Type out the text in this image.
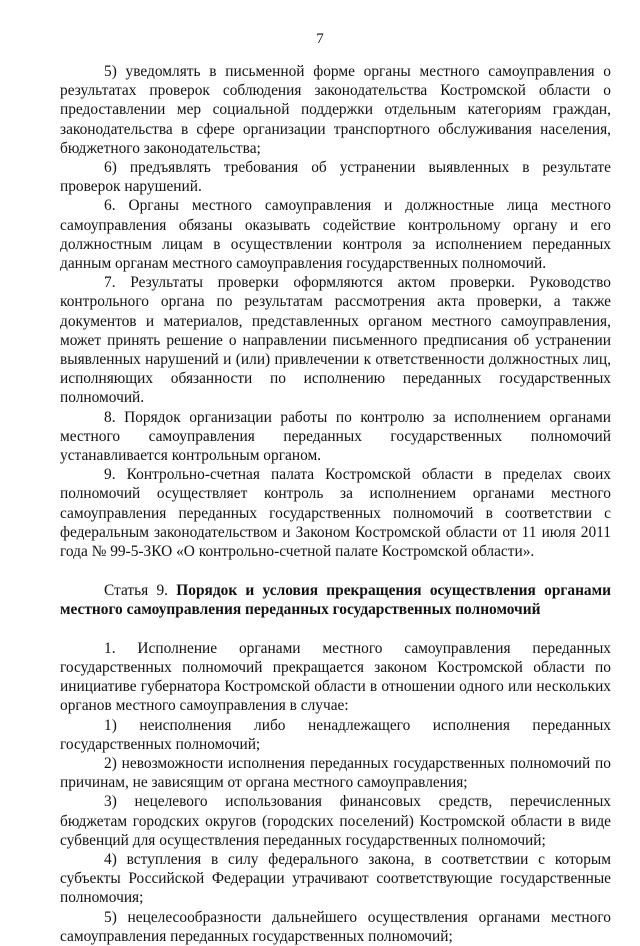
7

5) уведомлять в письменной форме органы местного самоуправления о результатах проверок соблюдения законодательства Костромской области о предоставлении мер социальной поддержки отдельным категориям граждан, законодательства в сфере организации транспортного обслуживания населения, бюджетного законодательства;

6) предъявлять требования об устранении выявленных в результате проверок нарушений.

6. Органы местного самоуправления и должностные лица местного самоуправления обязаны оказывать содействие контрольному органу и его должностным лицам в осуществлении контроля за исполнением переданных данным органам местного самоуправления государственных полномочий.

7. Результаты проверки оформляются актом проверки. Руководство контрольного органа по результатам рассмотрения акта проверки, а также документов и материалов, представленных органом местного самоуправления, может принять решение о направлении письменного предписания об устранении выявленных нарушений и (или) привлечении к ответственности должностных лиц, исполняющих обязанности по исполнению переданных государственных полномочий.

8. Порядок организации работы по контролю за исполнением органами местного самоуправления переданных государственных полномочий устанавливается контрольным органом.

9. Контрольно-счетная палата Костромской области в пределах своих полномочий осуществляет контроль за исполнением органами местного самоуправления переданных государственных полномочий в соответствии с федеральным законодательством и Законом Костромской области от 11 июля 2011 года № 99-5-ЗКО «О контрольно-счетной палате Костромской области».

Статья 9. Порядок и условия прекращения осуществления органами местного самоуправления переданных государственных полномочий

1. Исполнение органами местного самоуправления переданных государственных полномочий прекращается законом Костромской области по инициативе губернатора Костромской области в отношении одного или нескольких органов местного самоуправления в случае:

1) неисполнения либо ненадлежащего исполнения переданных государственных полномочий;

2) невозможности исполнения переданных государственных полномочий по причинам, не зависящим от органа местного самоуправления;

3) нецелевого использования финансовых средств, перечисленных бюджетам городских округов (городских поселений) Костромской области в виде субвенций для осуществления переданных государственных полномочий;

4) вступления в силу федерального закона, в соответствии с которым субъекты Российской Федерации утрачивают соответствующие государственные полномочия;

5) нецелесообразности дальнейшего осуществления органами местного самоуправления переданных государственных полномочий;
